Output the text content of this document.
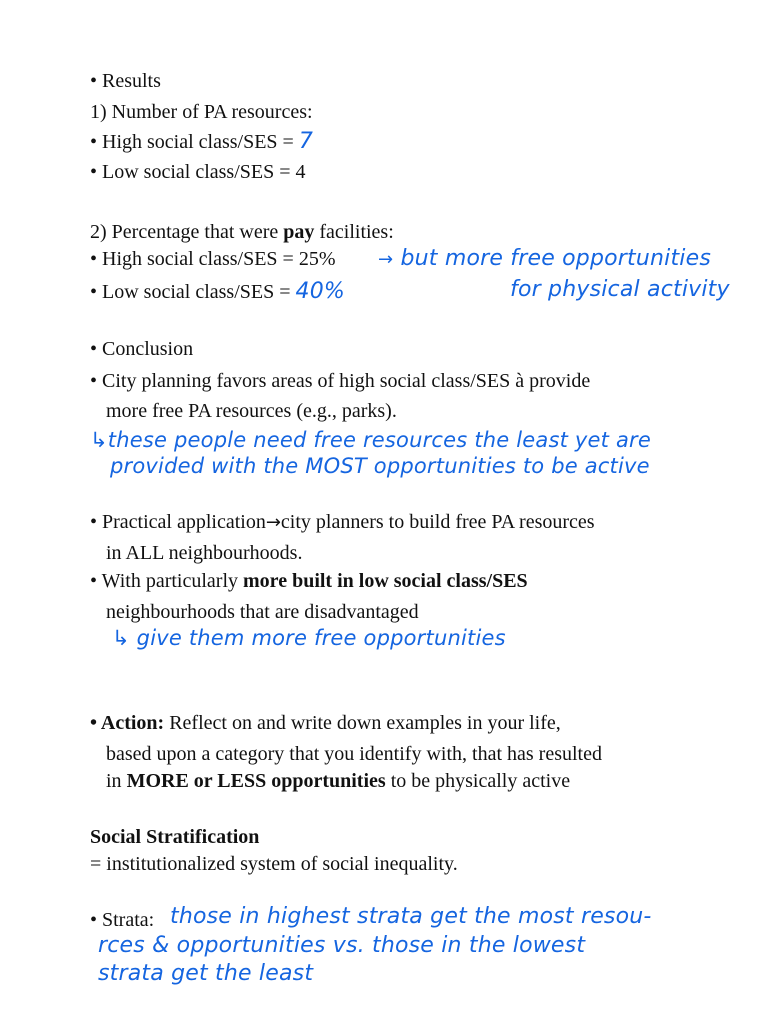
• Results
1) Number of PA resources:
• High social class/SES = 7
• Low social class/SES = 4
2) Percentage that were pay facilities:
• High social class/SES = 25% → but more free opportunities
• Low social class/SES = 40%	for physical activity
• Conclusion
• City planning favors areas of high social class/SES à provide
more free PA resources (e.g., parks).
↳these people need free resources the least yet are
provided with the MOST opportunities to be active
• Practical application→city planners to build free PA resources
in ALL neighbourhoods.
• With particularly more built in low social class/SES
neighbourhoods that are disadvantaged
↳ give them more free opportunities
• Action: Reflect on and write down examples in your life,
based upon a category that you identify with, that has resulted
in MORE or LESS opportunities to be physically active
Social Stratification
= institutionalized system of social inequality.
• Strata: those in highest strata get the most resou-
rces & opportunities vs. those in the lowest
strata get the least
